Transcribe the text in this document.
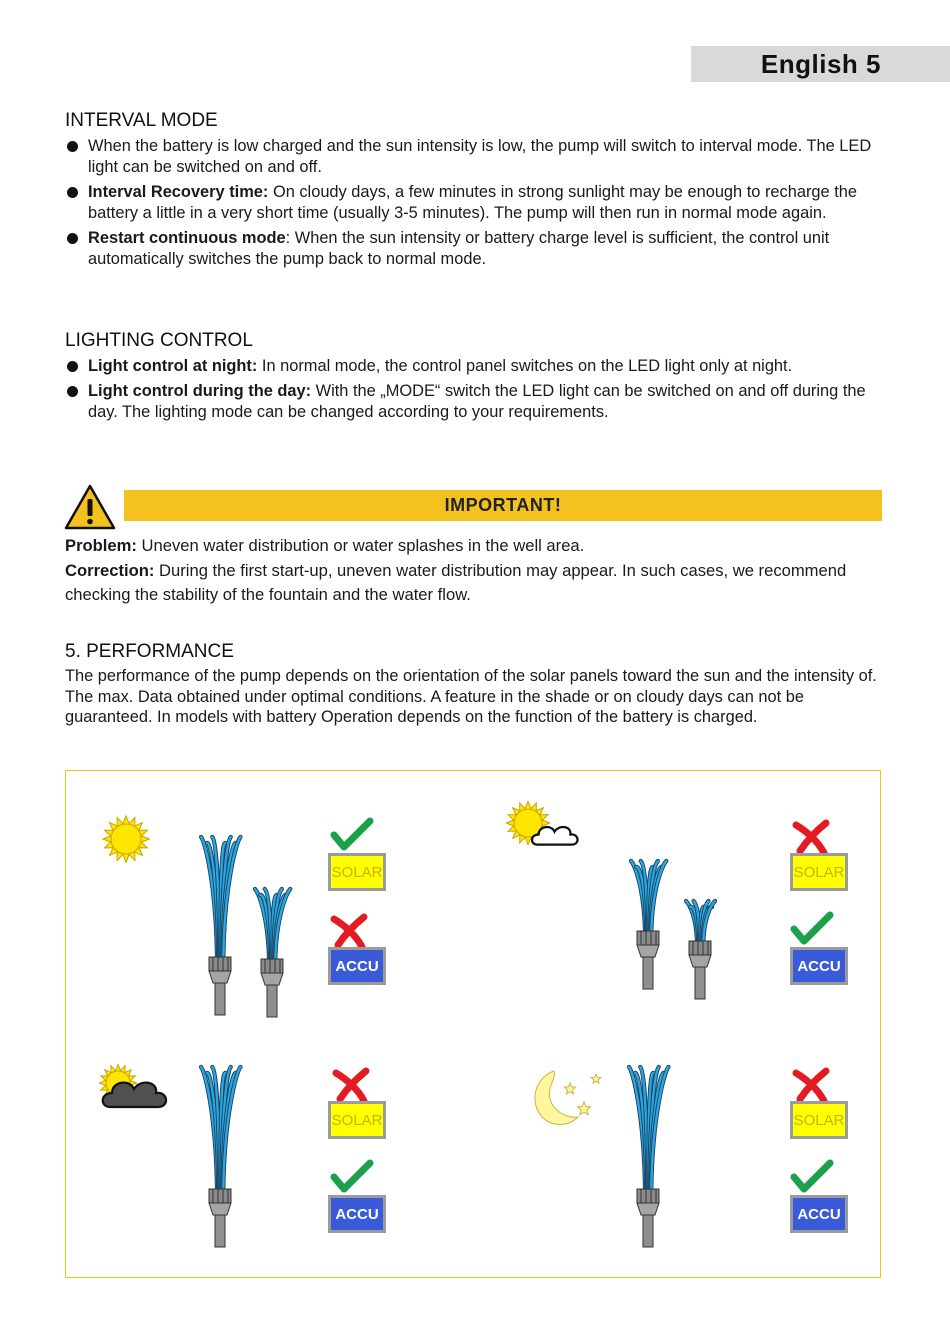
English 5
INTERVAL MODE
When the battery is low charged and the sun intensity is low, the pump will switch to interval mode. The LED light can be switched on and off.
Interval Recovery time: On cloudy days, a few minutes in strong sunlight may be enough to recharge the battery a little in a very short time (usually 3-5 minutes). The pump will then run in normal mode again.
Restart continuous mode: When the sun intensity or battery charge level is sufficient, the control unit automatically switches the pump back to normal mode.
LIGHTING CONTROL
Light control at night: In normal mode, the control panel switches on the LED light only at night.
Light control during the day: With the „MODE“ switch the LED light can be switched on and off during the day. The lighting mode can be changed according to your requirements.
IMPORTANT!
Problem: Uneven water distribution or water splashes in the well area.
Correction: During the first start-up, uneven water distribution may appear. In such cases, we recommend checking the stability of the fountain and the water flow.
5. PERFORMANCE
The performance of the pump depends on the orientation of the solar panels toward the sun and the intensity of. The max. Data obtained under optimal conditions. A feature in the shade or on cloudy days can not be guaranteed. In models with battery Operation depends on the function of the battery is charged.
SOLAR
ACCU
SOLAR
ACCU
SOLAR
ACCU
SOLAR
ACCU
